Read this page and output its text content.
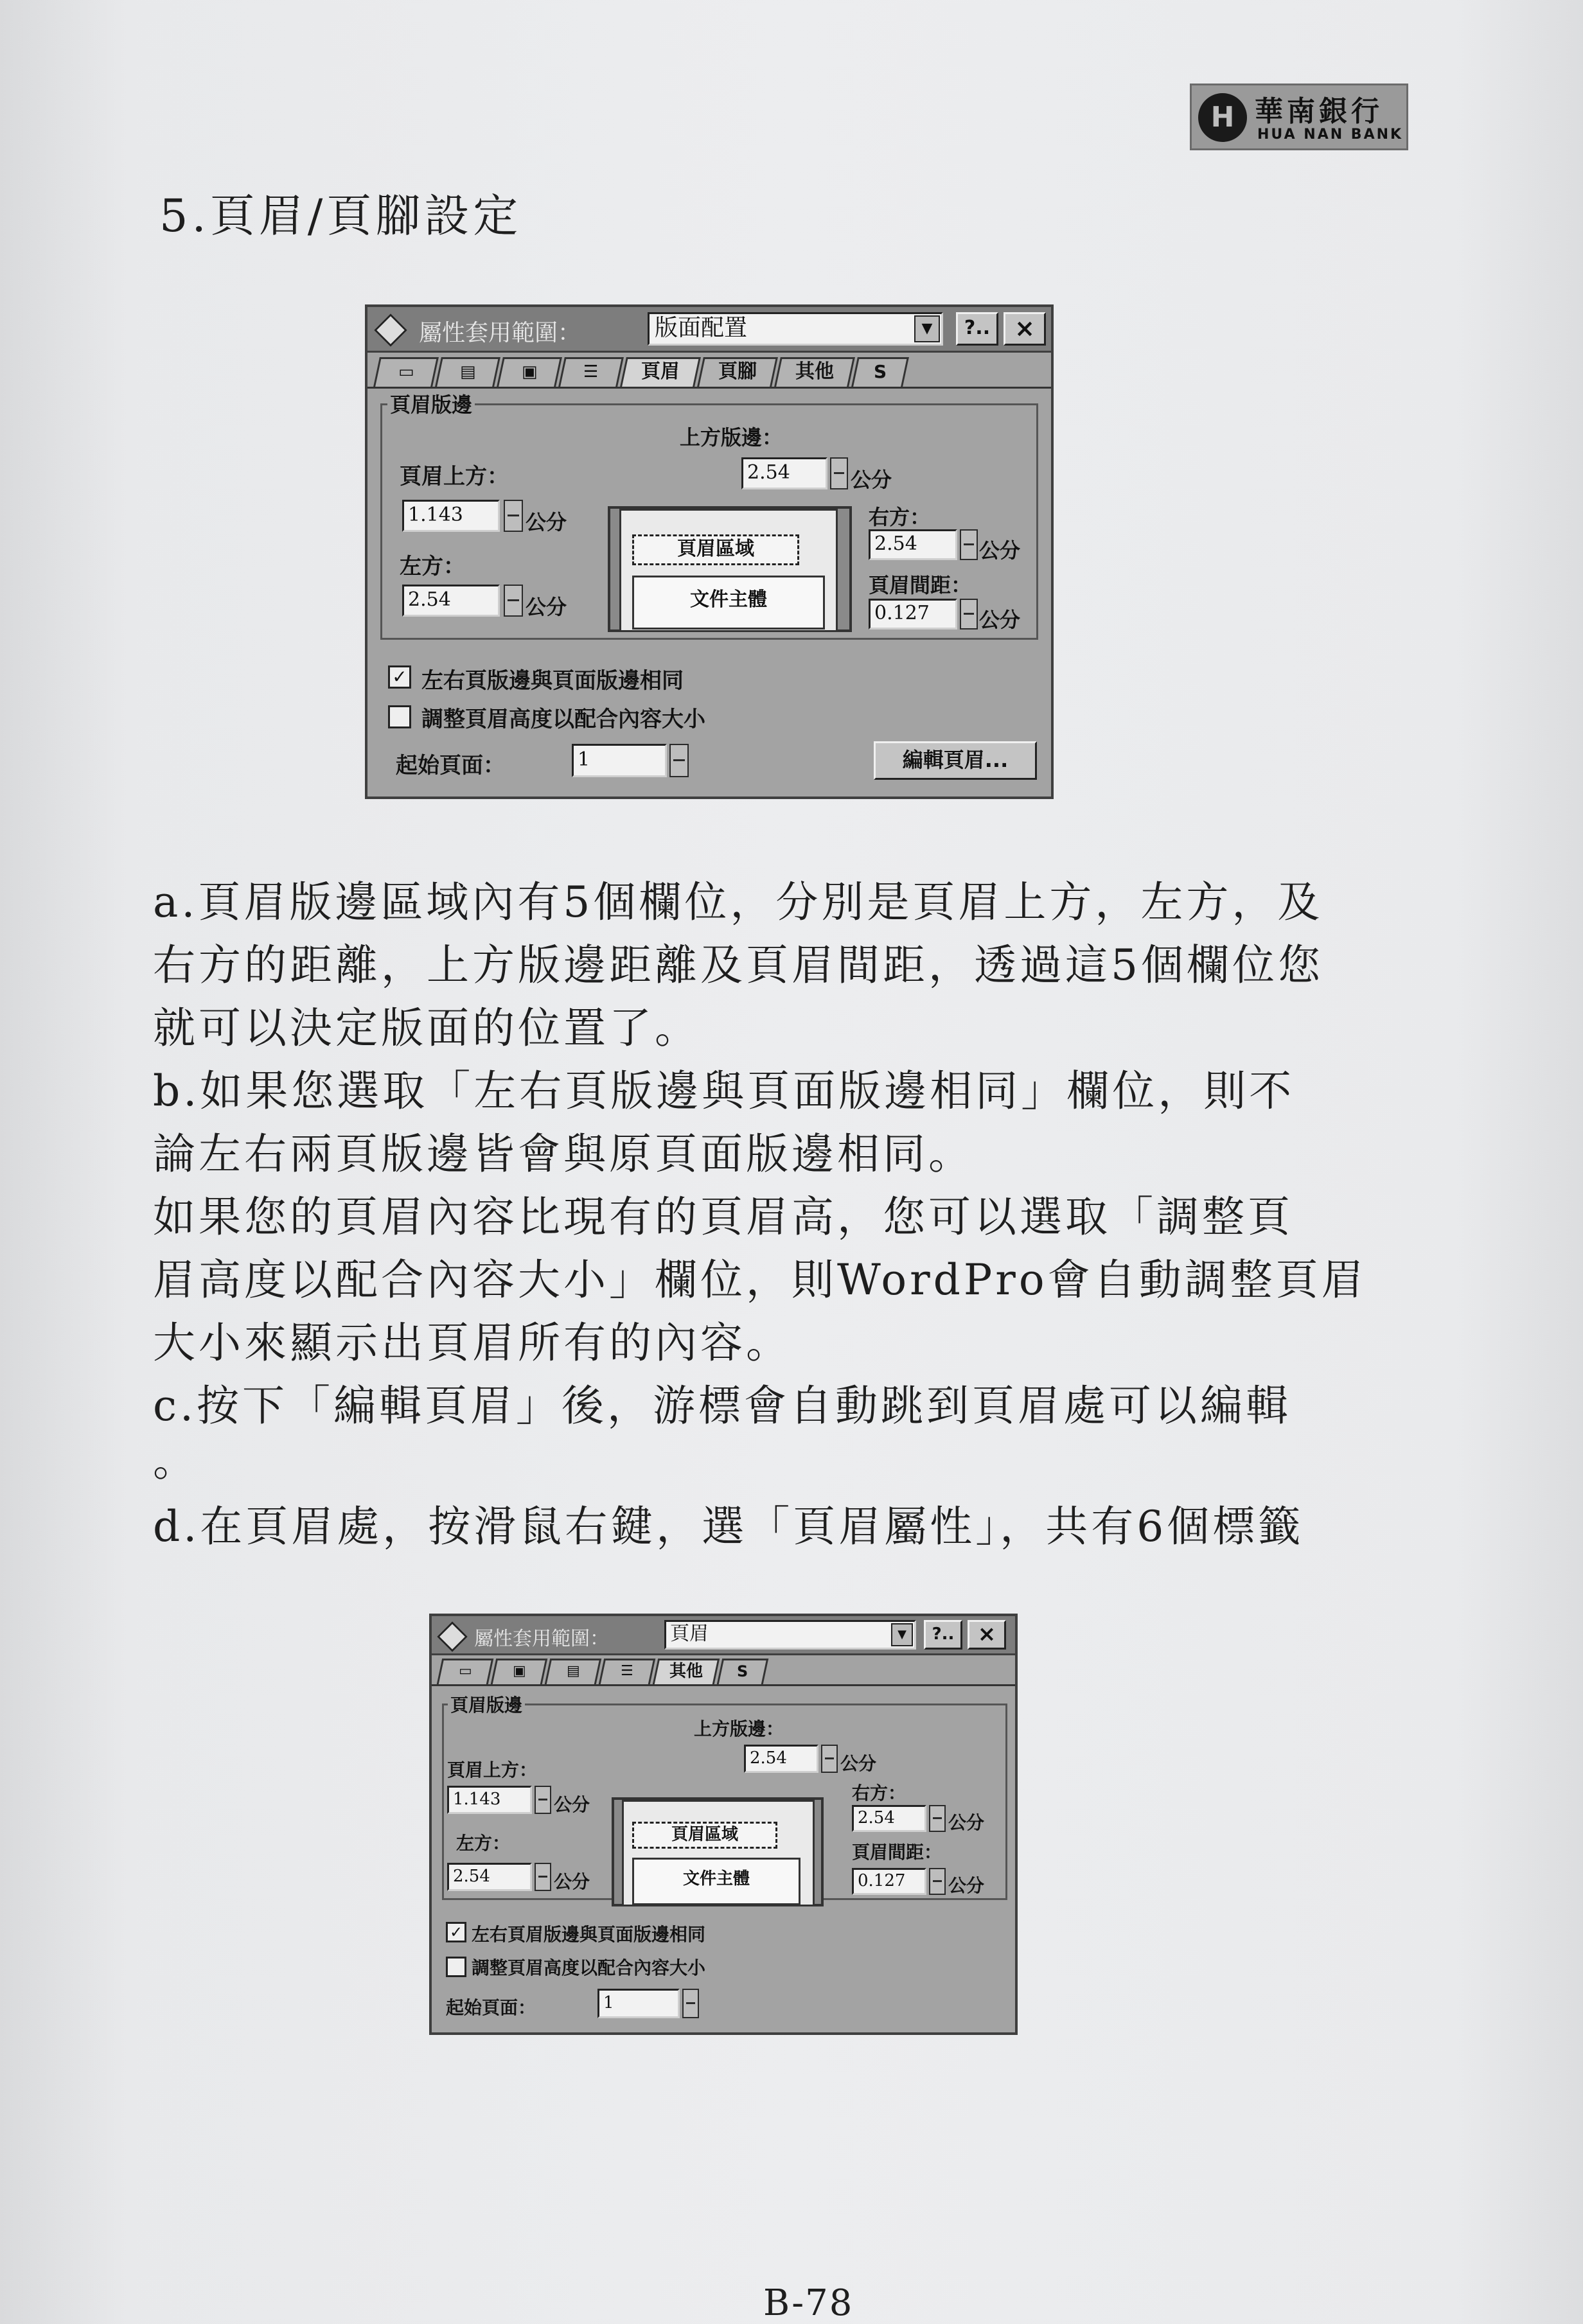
H 華南銀行
HUA NAN BANK
5.頁眉/頁腳設定
屬性套用範圍：	版面配置	▼	?.. ×
▭	▤	▣	☰	頁眉	頁腳	其他	S
頁眉版邊
上方版邊：
2.54	公分
頁眉上方：
1.143	公分
左方：
2.54	公分
頁眉區域
文件主體
右方：
2.54	公分
頁眉間距：
0.127	公分
✓ 左右頁版邊與頁面版邊相同
調整頁眉高度以配合內容大小
起始頁面：	1	編輯頁眉...
a.頁眉版邊區域內有5個欄位，分別是頁眉上方，左方，及
右方的距離，上方版邊距離及頁眉間距，透過這5個欄位您
就可以決定版面的位置了。
b.如果您選取「左右頁版邊與頁面版邊相同」欄位，則不
論左右兩頁版邊皆會與原頁面版邊相同。
如果您的頁眉內容比現有的頁眉高，您可以選取「調整頁
眉高度以配合內容大小」欄位，則WordPro會自動調整頁眉
大小來顯示出頁眉所有的內容。
c.按下「編輯頁眉」後，游標會自動跳到頁眉處可以編輯
。
d.在頁眉處，按滑鼠右鍵，選「頁眉屬性」，共有6個標籤
屬性套用範圍：	頁眉	▼	?..	×
▭	▣	▤	☰	其他	S
頁眉版邊
上方版邊：
2.54	公分
頁眉上方：
1.143	公分
左方：
2.54	公分
頁眉區域
文件主體
右方：
2.54	公分
頁眉間距：
0.127	公分
✓ 左右頁眉版邊與頁面版邊相同
調整頁眉高度以配合內容大小
起始頁面：	1
B-78
